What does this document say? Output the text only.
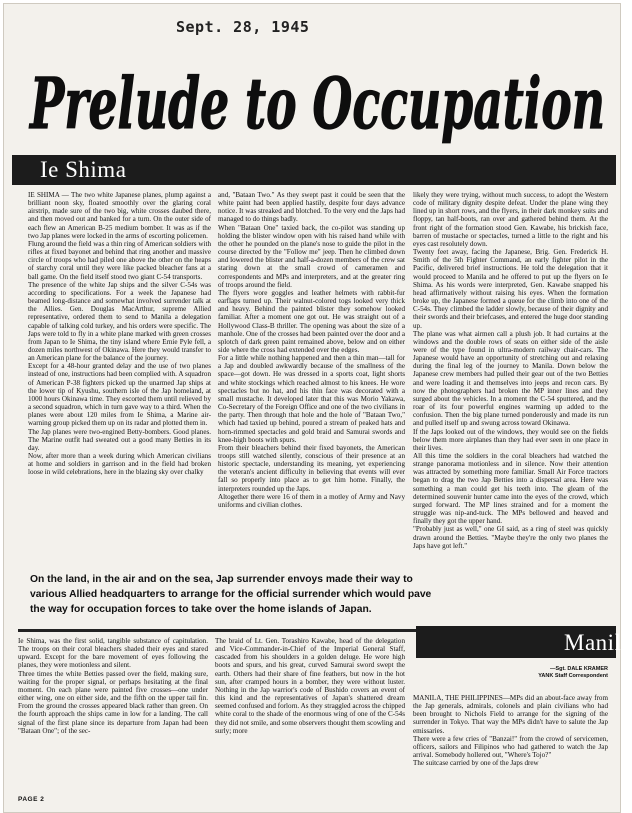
Sept. 28, 1945
Prelude to Occupation
Ie Shima
IE SHIMA — The two white Japanese planes, plump against a brilliant noon sky, floated smoothly over the glaring coral airstrip, made sure of the two big, white crosses daubed there, and then moved out and banked for a turn. On the outer side of each flew an American B-25 medium bomber. It was as if the two Jap planes were locked in the arms of escorting policemen.
Flung around the field was a thin ring of American soldiers with rifles at fixed bayonet and behind that ring another and massive circle of troops who had piled one above the other on the heaps of starchy coral until they were like packed bleacher fans at a ball game. On the field itself stood two giant C-54 transports.
The presence of the white Jap ships and the silver C-54s was according to specifications. For a week the Japanese had beamed long-distance and somewhat involved surrender talk at the Allies. Gen. Douglas MacArthur, supreme Allied representative, ordered them to send to Manila a delegation capable of talking cold turkey, and his orders were specific. The Japs were told to fly in a white plane marked with green crosses from Japan to Ie Shima, the tiny island where Ernie Pyle fell, a dozen miles northwest of Okinawa. Here they would transfer to an American plane for the balance of the journey.
Except for a 48-hour granted delay and the use of two planes instead of one, instructions had been complied with. A squadron of American P-38 fighters picked up the unarmed Jap ships at the lower tip of Kyushu, southern isle of the Jap homeland, at 1000 hours Okinawa time. They escorted them until relieved by a second squadron, which in turn gave way to a third. When the planes were about 120 miles from Ie Shima, a Marine air-warning group picked them up on its radar and plotted them in.
The Jap planes were two-engined Betty-bombers. Good planes. The Marine outfit had sweated out a good many Betties in its day.
Now, after more than a week during which American civilians at home and soldiers in garrison and in the field had broken loose in wild celebrations, here in the blazing sky over chalky
and, "Bataan Two." As they swept past it could be seen that the white paint had been applied hastily, despite four days advance notice. It was streaked and blotched. To the very end the Japs had managed to do things badly.
When "Bataan One" taxied back, the co-pilot was standing up holding the blister window open with his raised hand while with the other he pounded on the plane's nose to guide the pilot in the course directed by the "Follow me" jeep. Then he climbed down and lowered the blister and half-a-dozen members of the crew sat staring down at the small crowd of cameramen and correspondents and MPs and interpreters, and at the greater ring of troops around the field.
The flyers wore goggles and leather helmets with rabbit-fur earflaps turned up. Their walnut-colored togs looked very thick and heavy. Behind the painted blister they somehow looked familiar. After a moment one got out. He was straight out of a Hollywood Class-B thriller. The opening was about the size of a manhole. One of the crosses had been painted over the door and a splotch of dark green paint remained above, below and on either side where the cross had extended over the edges.
For a little while nothing happened and then a thin man—tall for a Jap and doubled awkwardly because of the smallness of the space—got down. He was dressed in a sports coat, light shorts and white stockings which reached almost to his knees. He wore spectacles but no hat, and his thin face was decorated with a small mustache. It developed later that this was Morio Yakawa, Co-Secretary of the Foreign Office and one of the two civilians in the party. Then through that hole and the hole of "Bataan Two," which had taxied up behind, poured a stream of peaked hats and horn-rimmed spectacles and gold braid and Samurai swords and knee-high boots with spurs.
From their bleachers behind their fixed bayonets, the American troops still watched silently, conscious of their presence at an historic spectacle, understanding its meaning, yet experiencing the veteran's ancient difficulty in believing that events will ever fall so properly into place as to get him home. Finally, the interpreters rounded up the Japs.
Altogether there were 16 of them in a motley of Army and Navy uniforms and civilian clothes.
likely they were trying, without much success, to adopt the Western code of military dignity despite defeat. Under the plane wing they lined up in short rows, and the flyers, in their dark monkey suits and floppy, tan half-boots, ran over and gathered behind them. At the front right of the formation stood Gen. Kawabe, his brickish face, barren of mustache or spectacles, turned a little to the right and his eyes cast resolutely down.
Twenty feet away, facing the Japanese, Brig. Gen. Frederick H. Smith of the 5th Fighter Command, an early fighter pilot in the Pacific, delivered brief instructions. He told the delegation that it would proceed to Manila and he offered to put up the flyers on Ie Shima. As his words were interpreted, Gen. Kawabe snapped his head affirmatively without raising his eyes. When the formation broke up, the Japanese formed a queue for the climb into one of the C-54s. They climbed the ladder slowly, because of their dignity and their swords and their briefcases, and entered the huge door standing up.
The plane was what airmen call a plush job. It had curtains at the windows and the double rows of seats on either side of the aisle were of the type found in ultra-modern railway chair-cars. The Japanese would have an opportunity of stretching out and relaxing during the final leg of the journey to Manila. Down below the Japanese crew members had pulled their gear out of the two Betties and were loading it and themselves into jeeps and recon cars. By now the photographers had broken the MP inner lines and they surged about the vehicles. In a moment the C-54 sputtered, and the roar of its four powerful engines warming up added to the confusion. Then the big plane turned ponderously and made its run and pulled itself up and swung across toward Okinawa.
If the Japs looked out of the windows, they would see on the fields below them more airplanes than they had ever seen in one place in their lives.
All this time the soldiers in the coral bleachers had watched the strange panorama motionless and in silence. Now their attention was attracted by something more familiar. Small Air Force tractors began to drag the two Jap Betties into a dispersal area. Here was something a man could get his teeth into. The gleam of the determined souvenir hunter came into the eyes of the crowd, which surged forward. The MP lines strained and for a moment the struggle was nip-and-tuck. The MPs bellowed and heaved and finally they got the upper hand.
"Probably just as well," one GI said, as a ring of steel was quickly drawn around the Betties. "Maybe they're the only two planes the Japs have got left."
On the land, in the air and on the sea, Jap surrender envoys made their way to various Allied headquarters to arrange for the official surrender which would pave the way for occupation forces to take over the home islands of Japan.
—Sgt. DALE KRAMER
YANK Staff Correspondent
Manila
Ie Shima, was the first solid, tangible substance of capitulation. The troops on their coral bleachers shaded their eyes and stared upward. Except for the bare movement of eyes following the planes, they were motionless and silent.
Three times the white Betties passed over the field, making sure, waiting for the proper signal, or perhaps hesitating at the final moment. On each plane were painted five crosses—one under either wing, one on either side, and the fifth on the upper tail fin. From the ground the crosses appeared black rather than green. On the fourth approach the ships came in low for a landing. The call signal of the first plane since its departure from Japan had been "Bataan One"; of the sec-
The braid of Lt. Gen. Torashiro Kawabe, head of the delegation and Vice-Commander-in-Chief of the Imperial General Staff, cascaded from his shoulders in a golden deluge. He wore high boots and spurs, and his great, curved Samurai sword swept the earth. Others had their share of fine feathers, but now in the hot sun, after cramped hours in a bomber, they were without luster. Nothing in the Jap warrior's code of Bushido covers an event of this kind and the representatives of Japan's shattered dream seemed confused and forlorn. As they straggled across the chipped white coral to the shade of the enormous wing of one of the C-54s they did not smile, and some observers thought them scowling and surly; more
MANILA, THE PHILIPPINES—MPs did an about-face away from the Jap generals, admirals, colonels and plain civilians who had been brought to Nichols Field to arrange for the signing of the surrender in Tokyo. That way the MPs didn't have to salute the Jap emissaries.
There were a few cries of "Banzai!" from the crowd of servicemen, officers, sailors and Filipinos who had gathered to watch the Jap arrival. Somebody hollered out, "Where's Tojo?"
The suitcase carried by one of the Japs drew
PAGE 2
